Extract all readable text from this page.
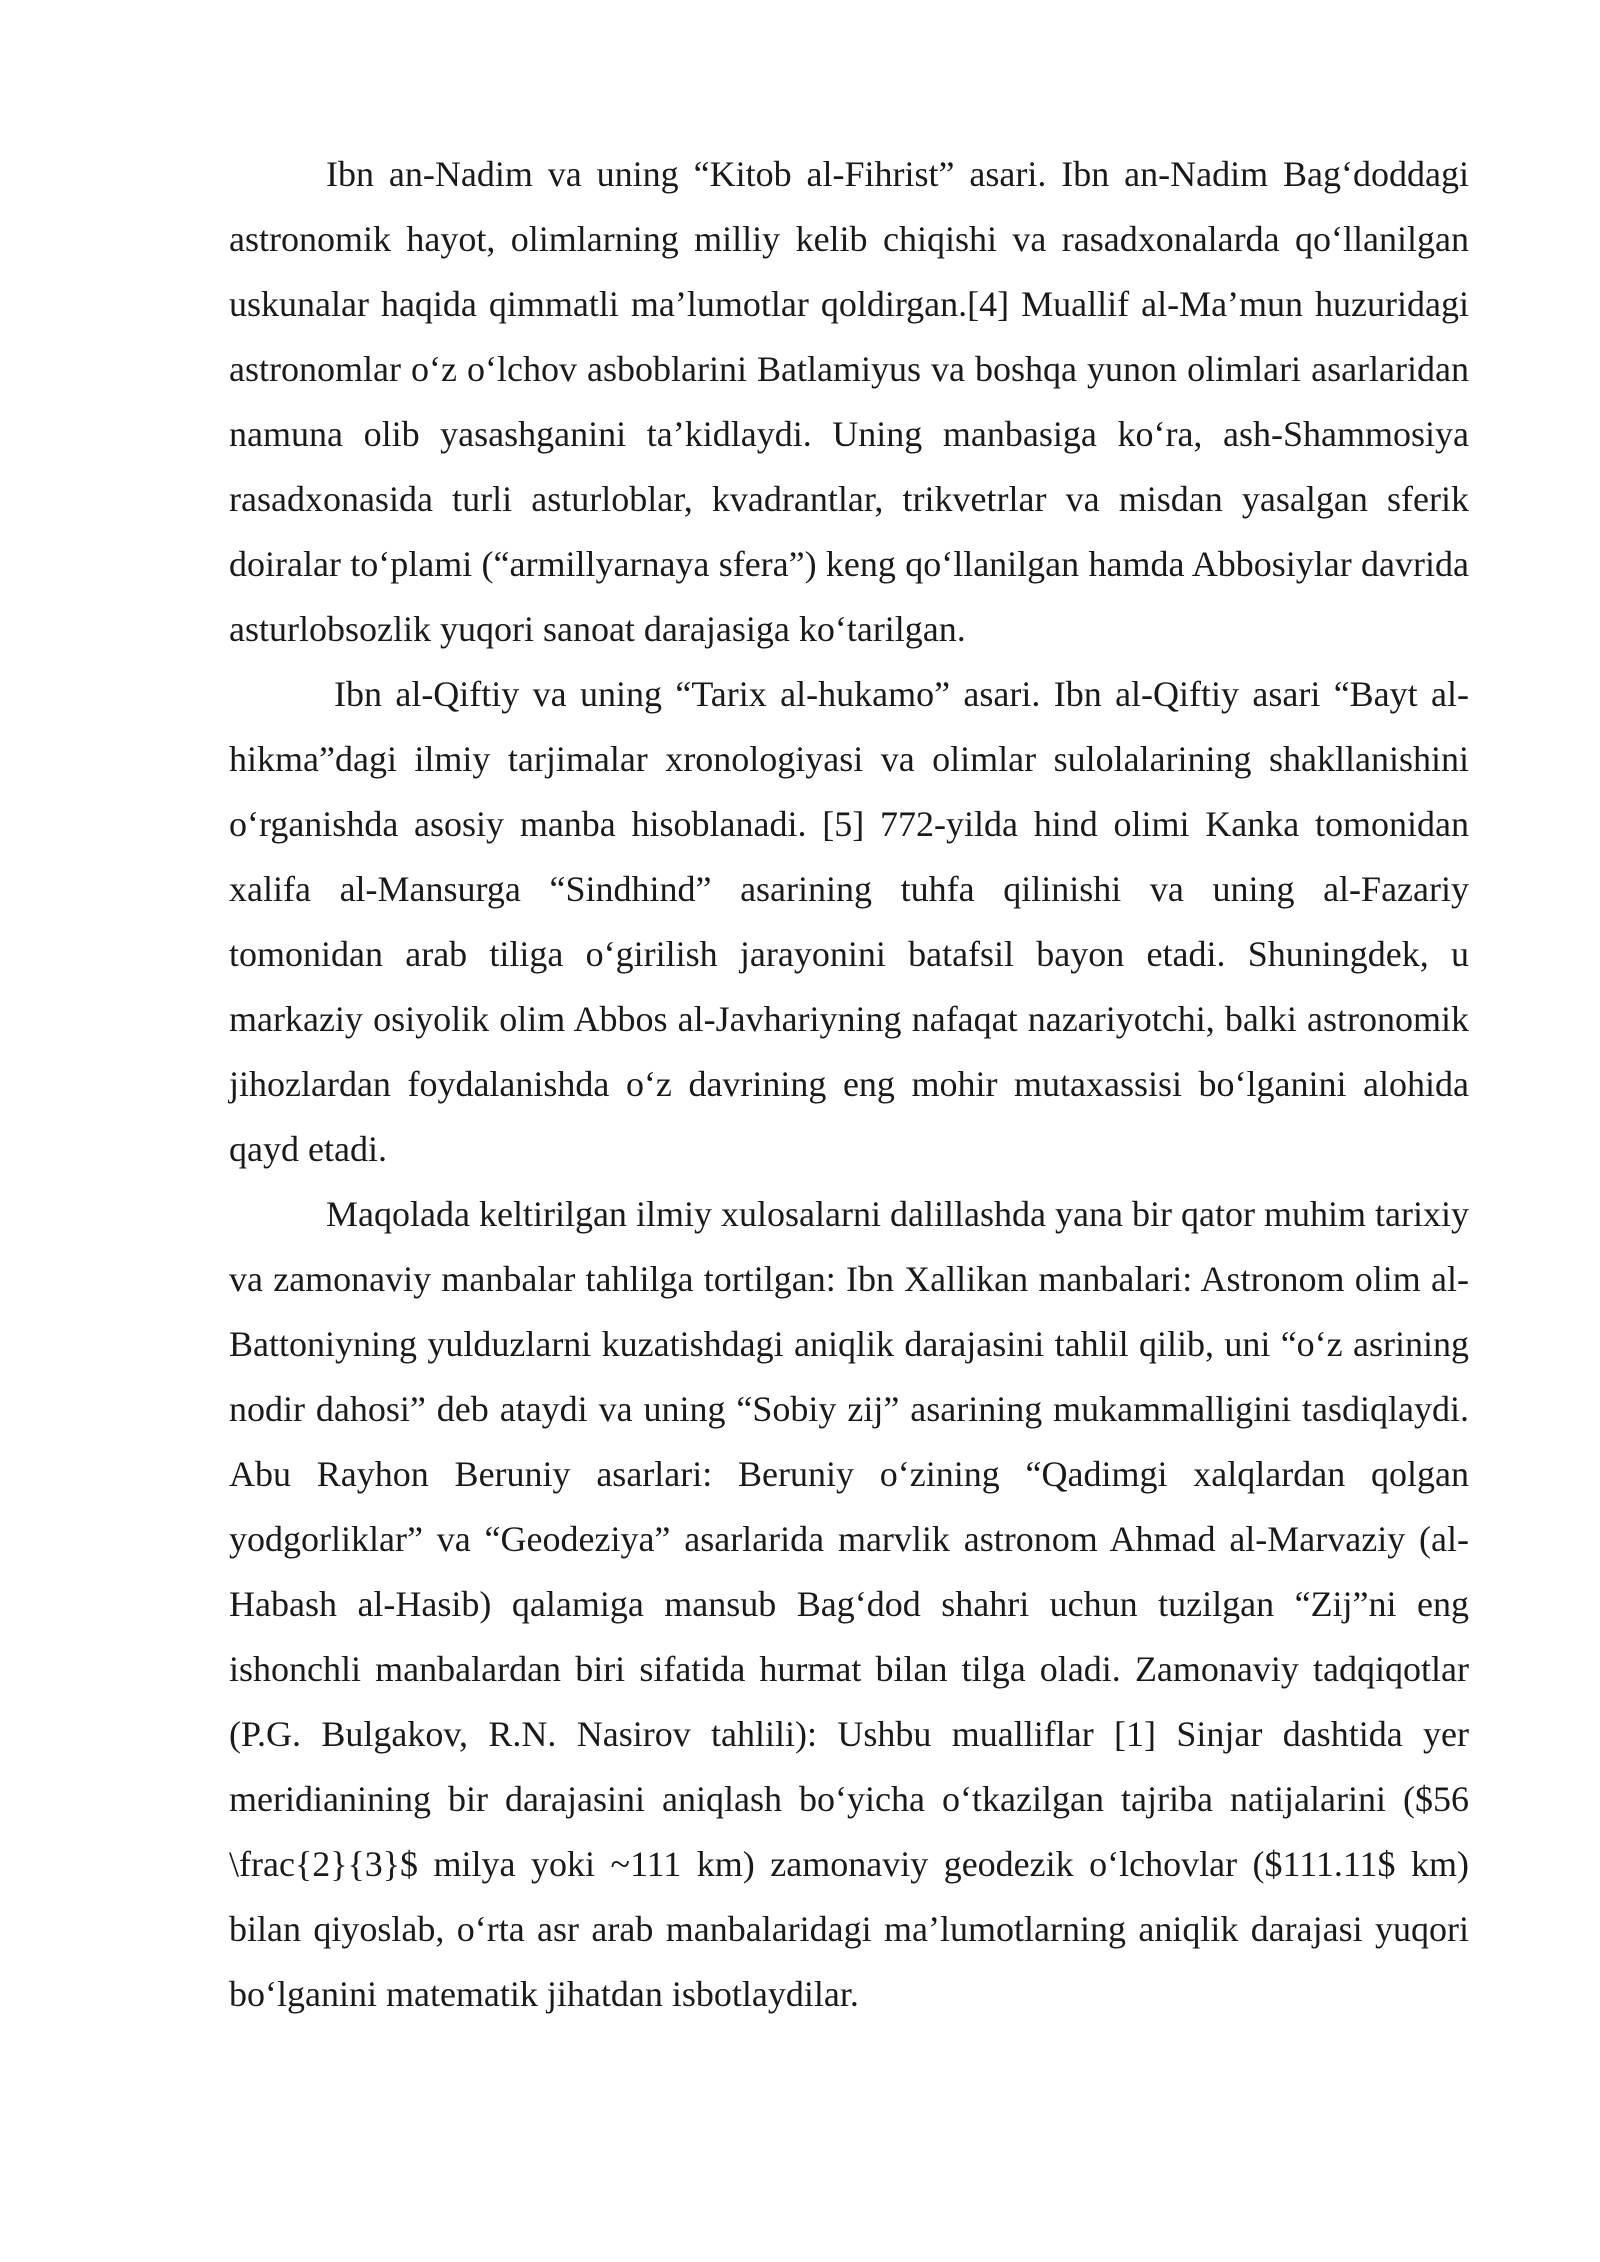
Ibn an-Nadim va uning “Kitob al-Fihrist” asari. Ibn an-Nadim Bag‘doddagi astronomik hayot, olimlarning milliy kelib chiqishi va rasadxonalarda qo‘llanilgan uskunalar haqida qimmatli ma’lumotlar qoldirgan.[4] Muallif al-Ma’mun huzuridagi astronomlar o‘z o‘lchov asboblarini Batlamiyus va boshqa yunon olimlari asarlaridan namuna olib yasashganini ta’kidlaydi. Uning manbasiga ko‘ra, ash-Shammosiya rasadxonasida turli asturloblar, kvadrantlar, trikvetrlar va misdan yasalgan sferik doiralar to‘plami (“armillyarnaya sfera”) keng qo‘llanilgan hamda Abbosiylar davrida asturlobsozlik yuqori sanoat darajasiga ko‘tarilgan.

Ibn al-Qiftiy va uning “Tarix al-hukamo” asari. Ibn al-Qiftiy asari “Bayt al-hikma”dagi ilmiy tarjimalar xronologiyasi va olimlar sulolalarining shakllanishini o‘rganishda asosiy manba hisoblanadi. [5] 772-yilda hind olimi Kanka tomonidan xalifa al-Mansurga “Sindhind” asarining tuhfa qilinishi va uning al-Fazariy tomonidan arab tiliga o‘girilish jarayonini batafsil bayon etadi. Shuningdek, u markaziy osiyolik olim Abbos al-Javhariyning nafaqat nazariyotchi, balki astronomik jihozlardan foydalanishda o‘z davrining eng mohir mutaxassisi bo‘lganini alohida qayd etadi.

Maqolada keltirilgan ilmiy xulosalarni dalillashda yana bir qator muhim tarixiy va zamonaviy manbalar tahlilga tortilgan: Ibn Xallikan manbalari: Astronom olim al-Battoniyning yulduzlarni kuzatishdagi aniqlik darajasini tahlil qilib, uni “o‘z asrining nodir dahosi” deb ataydi va uning “Sobiy zij” asarining mukammalligini tasdiqlaydi. Abu Rayhon Beruniy asarlari: Beruniy o‘zining “Qadimgi xalqlardan qolgan yodgorliklar” va “Geodeziya” asarlarida marvlik astronom Ahmad al-Marvaziy (al-Habash al-Hasib) qalamiga mansub Bag‘dod shahri uchun tuzilgan “Zij”ni eng ishonchli manbalardan biri sifatida hurmat bilan tilga oladi. Zamonaviy tadqiqotlar (P.G. Bulgakov, R.N. Nasirov tahlili): Ushbu mualliflar [1] Sinjar dashtida yer meridianining bir darajasini aniqlash bo‘yicha o‘tkazilgan tajriba natijalarini ($56 \frac{2}{3}$ milya yoki ~111 km) zamonaviy geodezik o‘lchovlar ($111.11$ km) bilan qiyoslab, o‘rta asr arab manbalaridagi ma’lumotlarning aniqlik darajasi yuqori bo‘lganini matematik jihatdan isbotlaydilar.
